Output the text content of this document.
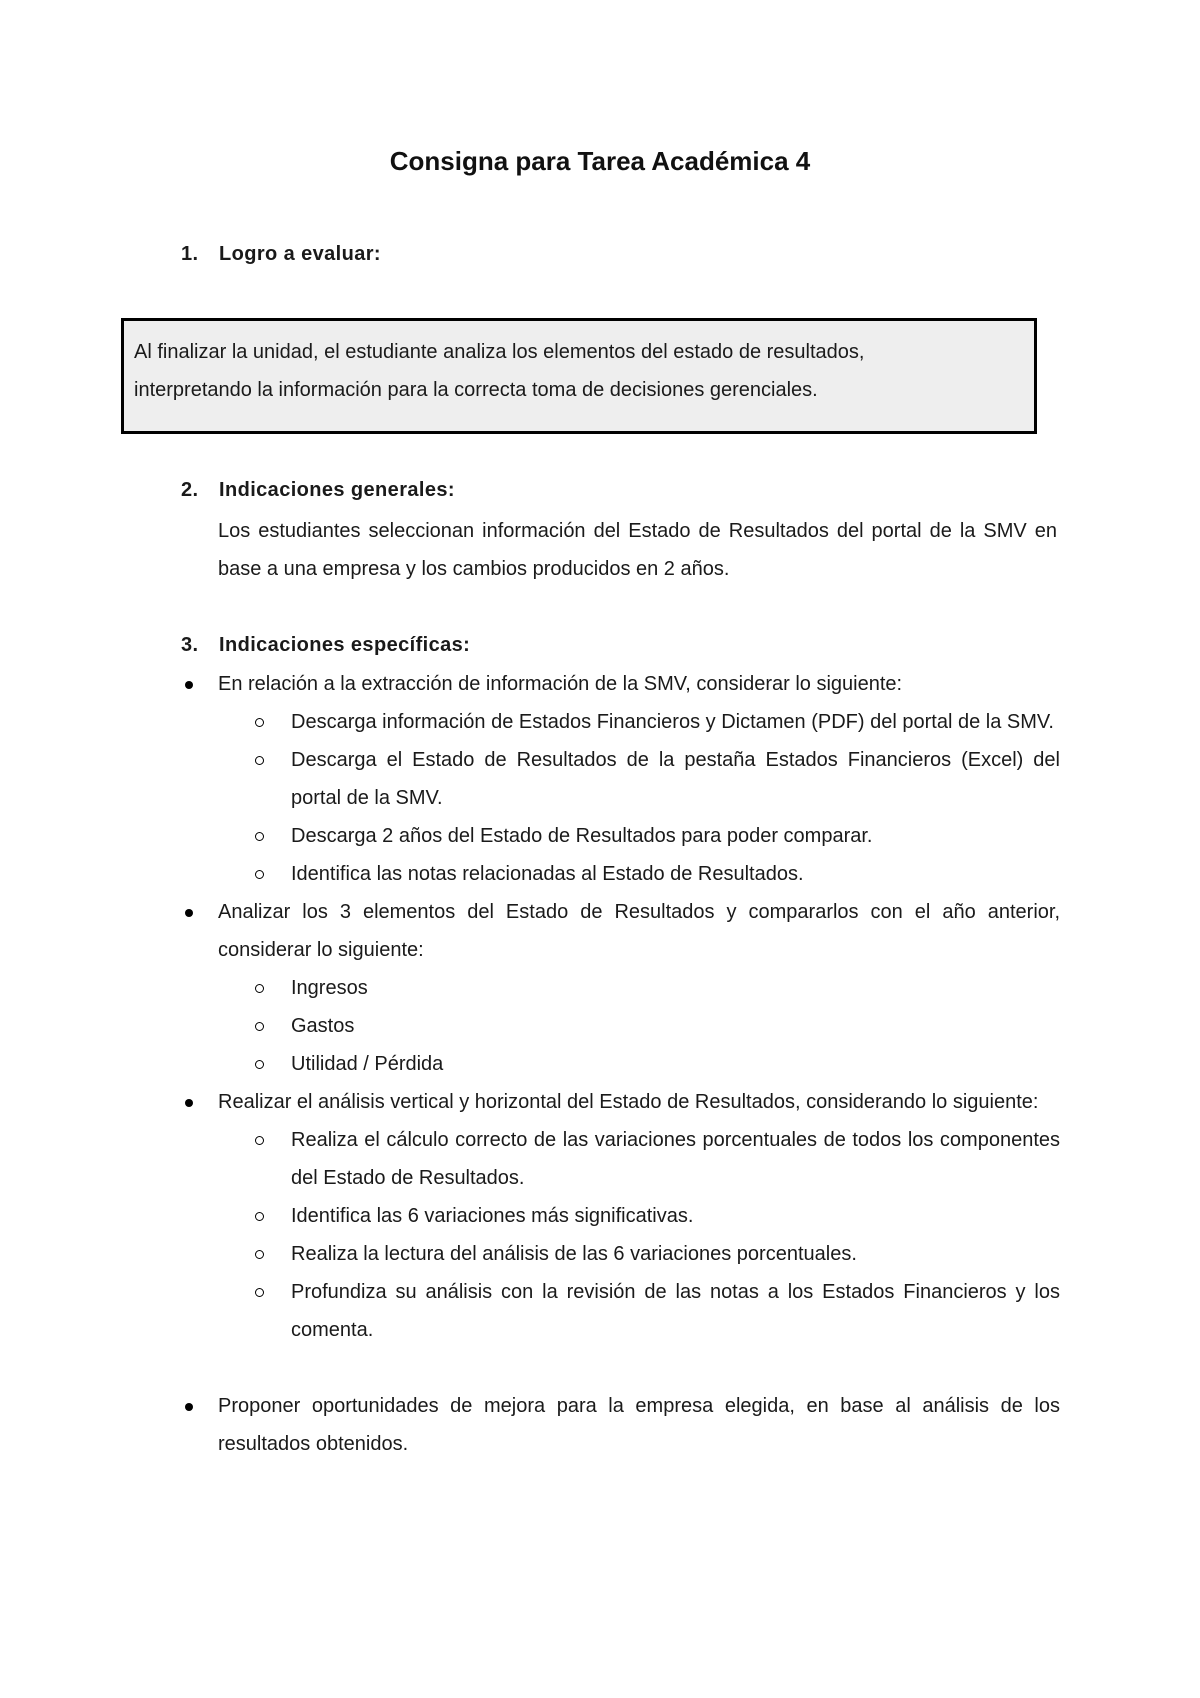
Consigna para Tarea Académica 4
1. Logro a evaluar:
Al finalizar la unidad, el estudiante analiza los elementos del estado de resultados,
interpretando la información para la correcta toma de decisiones gerenciales.
2. Indicaciones generales:

Los estudiantes seleccionan información del Estado de Resultados del portal de la SMV en base a una empresa y los cambios producidos en 2 años.

3. Indicaciones específicas:
En relación a la extracción de información de la SMV, considerar lo siguiente:
Descarga información de Estados Financieros y Dictamen (PDF) del portal de la SMV.
Descarga el Estado de Resultados de la pestaña Estados Financieros (Excel) del portal de la SMV.
Descarga 2 años del Estado de Resultados para poder comparar.
Identifica las notas relacionadas al Estado de Resultados.
Analizar los 3 elementos del Estado de Resultados y compararlos con el año anterior, considerar lo siguiente:
Ingresos
Gastos
Utilidad / Pérdida
Realizar el análisis vertical y horizontal del Estado de Resultados, considerando lo siguiente:
Realiza el cálculo correcto de las variaciones porcentuales de todos los componentes del Estado de Resultados.
Identifica las 6 variaciones más significativas.
Realiza la lectura del análisis de las 6 variaciones porcentuales.
Profundiza su análisis con la revisión de las notas a los Estados Financieros y los comenta.
Proponer oportunidades de mejora para la empresa elegida, en base al análisis de los resultados obtenidos.
